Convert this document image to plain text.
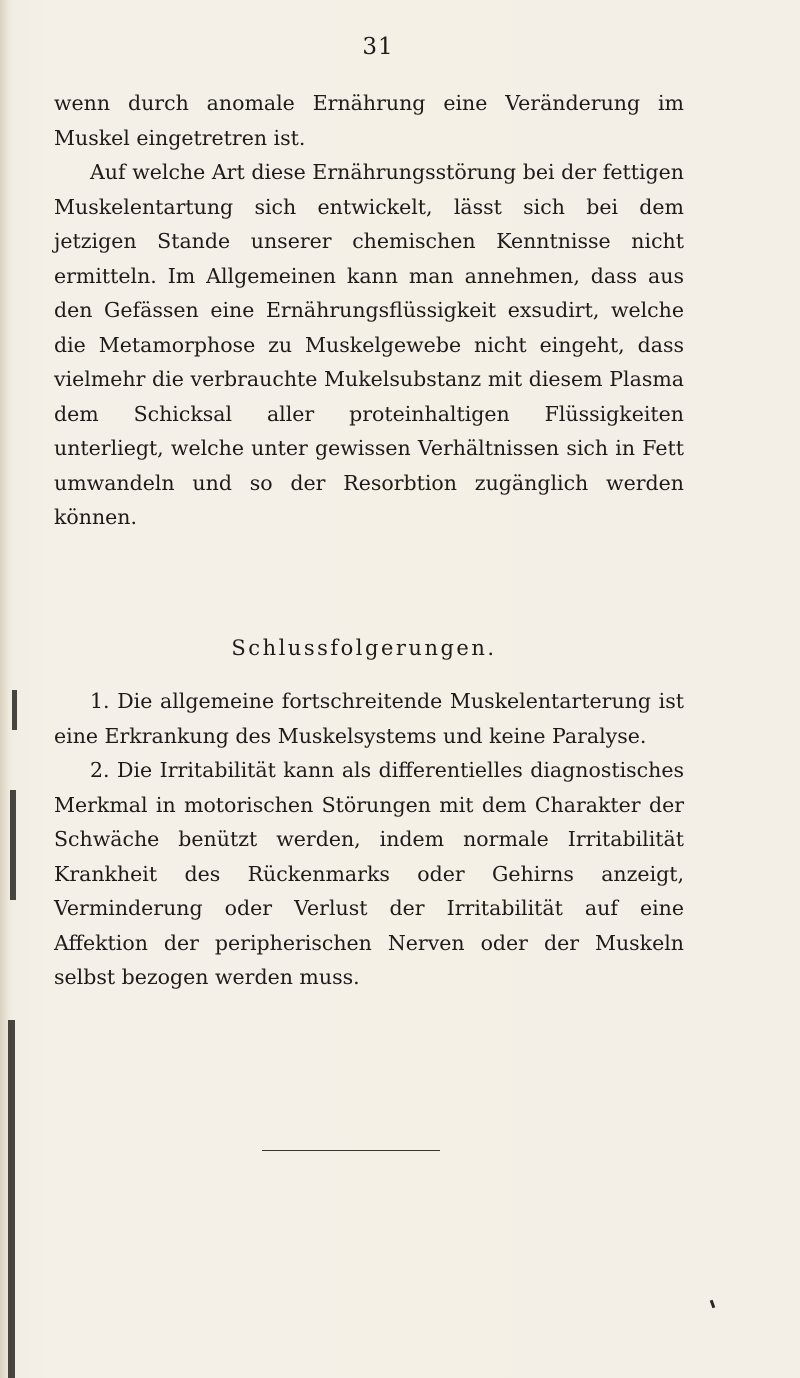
31

wenn durch anomale Ernährung eine Veränderung im Muskel eingetretren ist.

Auf welche Art diese Ernährungsstörung bei der fettigen Muskelentartung sich entwickelt, lässt sich bei dem jetzigen Stande unserer chemischen Kenntnisse nicht ermitteln. Im Allgemeinen kann man annehmen, dass aus den Gefässen eine Ernährungsflüssigkeit exsudirt, welche die Metamorphose zu Muskelgewebe nicht eingeht, dass vielmehr die verbrauchte Mukelsubstanz mit diesem Plasma dem Schicksal aller proteinhaltigen Flüssigkeiten unterliegt, welche unter gewissen Verhältnissen sich in Fett umwandeln und so der Resorbtion zugänglich werden können.

Schlussfolgerungen.

1. Die allgemeine fortschreitende Muskelentarterung ist eine Erkrankung des Muskelsystems und keine Paralyse.

2. Die Irritabilität kann als differentielles diagnostisches Merkmal in motorischen Störungen mit dem Charakter der Schwäche benützt werden, indem normale Irritabilität Krankheit des Rückenmarks oder Gehirns anzeigt, Verminderung oder Verlust der Irritabilität auf eine Affektion der peripherischen Nerven oder der Muskeln selbst bezogen werden muss.
